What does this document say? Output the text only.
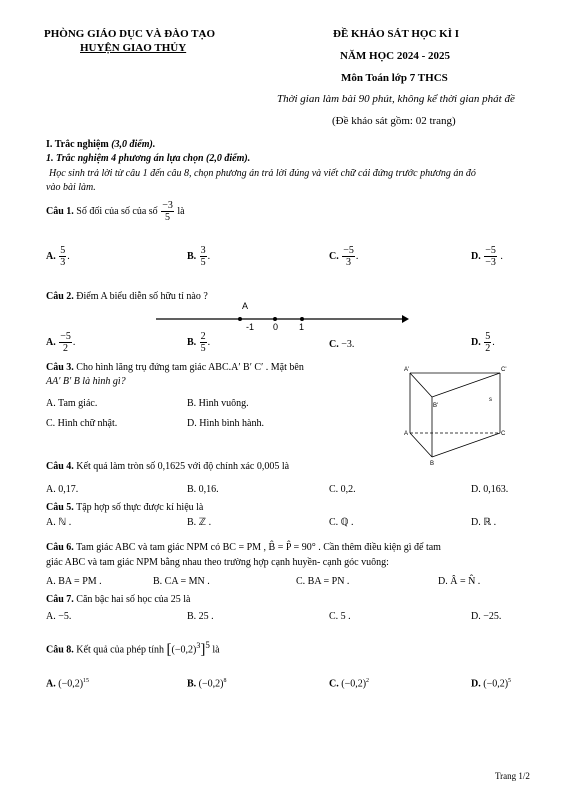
PHÒNG GIÁO DỤC VÀ ĐÀO TẠO
HUYỆN GIAO THỦY
ĐỀ KHẢO SÁT HỌC KÌ I
NĂM HỌC 2024 - 2025
Môn Toán lớp 7 THCS
Thời gian làm bài 90 phút, không kể thời gian phát đề
(Đề khảo sát gồm: 02 trang)
I. Trắc nghiệm (3,0 điểm).
1. Trắc nghiệm 4 phương án lựa chọn (2,0 điểm).
Học sinh trả lời từ câu 1 đến câu 8, chọn phương án trả lời đúng và viết chữ cái đứng trước phương án đó
vào bài làm.
Câu 1. Số đối của số của số $\frac{-3}{5}$ là
A. $\frac{5}{3}$ .	B. $\frac{3}{5}$ .	C. $\frac{-5}{3}$ .	D. $\frac{-5}{-3}$ .
Câu 2. Điểm A biểu diễn số hữu tỉ nào ?
A
-1 0 1
A. $\frac{-5}{2}$ .	B. $\frac{2}{5}$ .	C. −3.	D. $\frac{5}{2}$ .
Câu 3. Cho hình lăng trụ đứng tam giác ABC.A′ B′ C′ . Mặt bên
AA′ B′ B là hình gì?
A. Tam giác.	B. Hình vuông.
C. Hình chữ nhật.	D. Hình bình hành.
A'	C'
B'
s
A	C
B
Câu 4. Kết quả làm tròn số 0,1625 với độ chính xác 0,005 là
A. 0,17.	B. 0,16.	C. 0,2.	D. 0,163.
Câu 5. Tập hợp số thực được kí hiệu là
A. ℕ .	B. ℤ .	C. ℚ .	D. ℝ .
Câu 6. Tam giác ABC và tam giác NPM có BC = PM , B̂ = P̂ = 90° . Cần thêm điều kiện gì để tam
giác ABC và tam giác NPM bằng nhau theo trường hợp cạnh huyền- cạnh góc vuông:
A. BA = PM .	B. CA = MN .	C. BA = PN .	D. Â = N̂ .
Câu 7. Căn bậc hai số học của 25 là
A. −5.	B. 25 .	C. 5 .	D. −25.
Câu 8. Kết quả của phép tính $[(-0,2)^3]^5$ là
A. $(-0,2)^{15}$	B. $(-0,2)^8$	C. $(-0,2)^2$	D. $(-0,2)^5$
Trang 1/2
